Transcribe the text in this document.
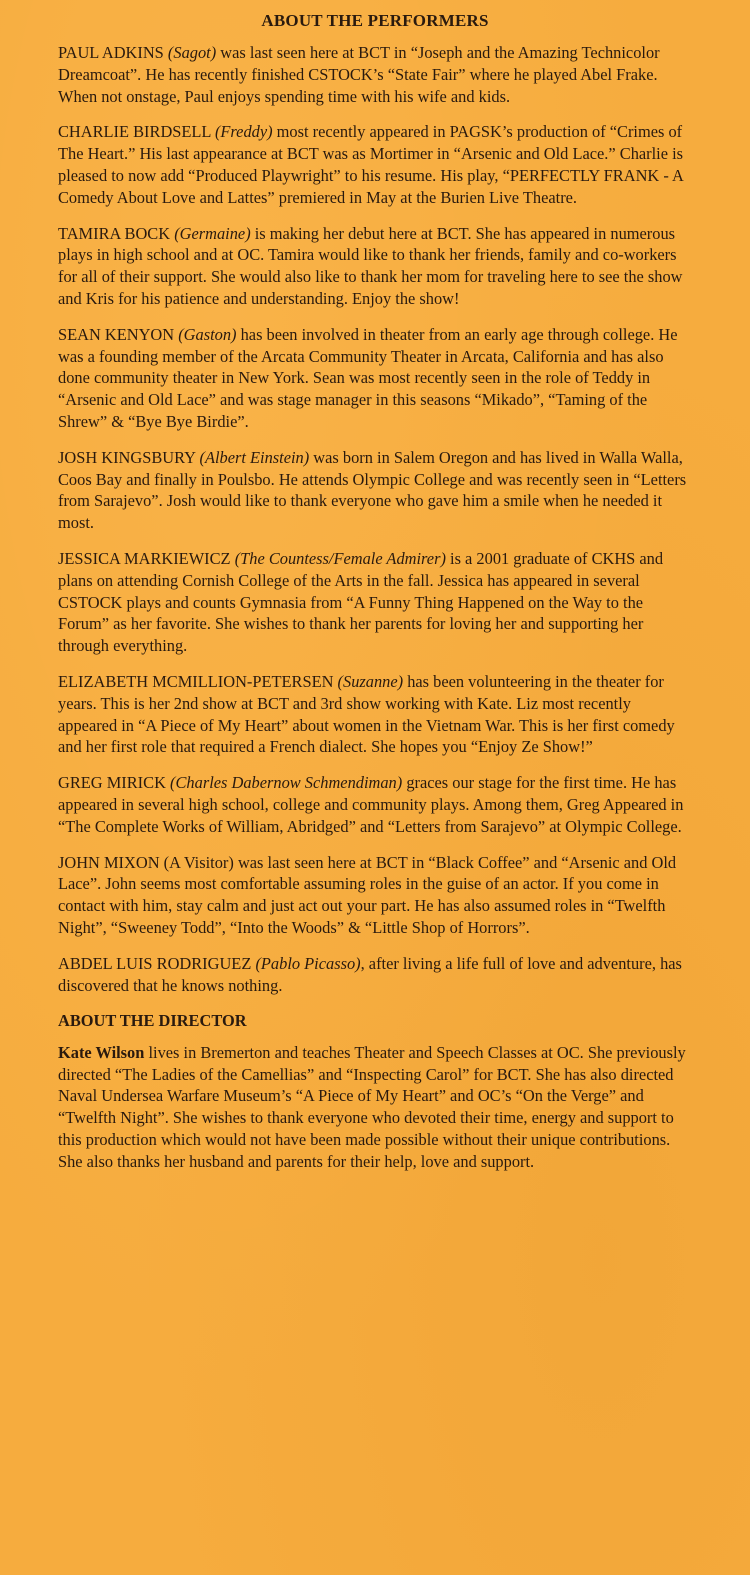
ABOUT THE PERFORMERS

PAUL ADKINS (Sagot) was last seen here at BCT in “Joseph and the Amazing Technicolor Dreamcoat”. He has recently finished CSTOCK’s “State Fair” where he played Abel Frake. When not onstage, Paul enjoys spending time with his wife and kids.

CHARLIE BIRDSELL (Freddy) most recently appeared in PAGSK’s production of “Crimes of The Heart.” His last appearance at BCT was as Mortimer in “Arsenic and Old Lace.” Charlie is pleased to now add “Produced Playwright” to his resume. His play, “PERFECTLY FRANK - A Comedy About Love and Lattes” premiered in May at the Burien Live Theatre.

TAMIRA BOCK (Germaine) is making her debut here at BCT. She has appeared in numerous plays in high school and at OC. Tamira would like to thank her friends, family and co-workers for all of their support. She would also like to thank her mom for traveling here to see the show and Kris for his patience and understanding. Enjoy the show!

SEAN KENYON (Gaston) has been involved in theater from an early age through college. He was a founding member of the Arcata Community Theater in Arcata, California and has also done community theater in New York. Sean was most recently seen in the role of Teddy in “Arsenic and Old Lace” and was stage manager in this seasons “Mikado”, “Taming of the Shrew” & “Bye Bye Birdie”.

JOSH KINGSBURY (Albert Einstein) was born in Salem Oregon and has lived in Walla Walla, Coos Bay and finally in Poulsbo. He attends Olympic College and was recently seen in “Letters from Sarajevo”. Josh would like to thank everyone who gave him a smile when he needed it most.

JESSICA MARKIEWICZ (The Countess/Female Admirer) is a 2001 graduate of CKHS and plans on attending Cornish College of the Arts in the fall. Jessica has appeared in several CSTOCK plays and counts Gymnasia from “A Funny Thing Happened on the Way to the Forum” as her favorite. She wishes to thank her parents for loving her and supporting her through everything.

ELIZABETH MCMILLION-PETERSEN (Suzanne) has been volunteering in the theater for years. This is her 2nd show at BCT and 3rd show working with Kate. Liz most recently appeared in “A Piece of My Heart” about women in the Vietnam War. This is her first comedy and her first role that required a French dialect. She hopes you “Enjoy Ze Show!”

GREG MIRICK (Charles Dabernow Schmendiman) graces our stage for the first time. He has appeared in several high school, college and community plays. Among them, Greg Appeared in “The Complete Works of William, Abridged” and “Letters from Sarajevo” at Olympic College.

JOHN MIXON (A Visitor) was last seen here at BCT in “Black Coffee” and “Arsenic and Old Lace”. John seems most comfortable assuming roles in the guise of an actor. If you come in contact with him, stay calm and just act out your part. He has also assumed roles in “Twelfth Night”, “Sweeney Todd”, “Into the Woods” & “Little Shop of Horrors”.

ABDEL LUIS RODRIGUEZ (Pablo Picasso), after living a life full of love and adventure, has discovered that he knows nothing.

ABOUT THE DIRECTOR

Kate Wilson lives in Bremerton and teaches Theater and Speech Classes at OC. She previously directed “The Ladies of the Camellias” and “Inspecting Carol” for BCT. She has also directed Naval Undersea Warfare Museum’s “A Piece of My Heart” and OC’s “On the Verge” and “Twelfth Night”. She wishes to thank everyone who devoted their time, energy and support to this production which would not have been made possible without their unique contributions. She also thanks her husband and parents for their help, love and support.
